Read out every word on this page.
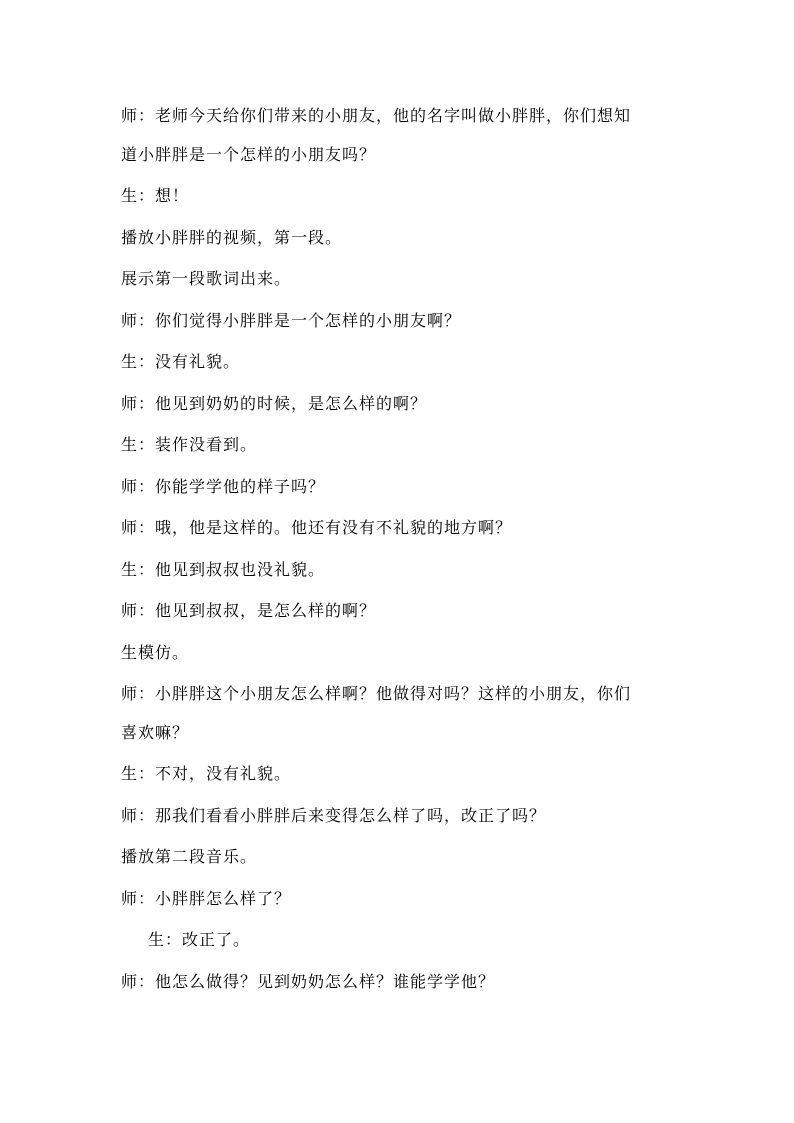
师：老师今天给你们带来的小朋友，他的名字叫做小胖胖，你们想知
道小胖胖是一个怎样的小朋友吗？
生：想！
播放小胖胖的视频，第一段。
展示第一段歌词出来。
师：你们觉得小胖胖是一个怎样的小朋友啊？
生：没有礼貌。
师：他见到奶奶的时候，是怎么样的啊？
生：装作没看到。
师：你能学学他的样子吗？
师：哦，他是这样的。他还有没有不礼貌的地方啊？
生：他见到叔叔也没礼貌。
师：他见到叔叔，是怎么样的啊？
生模仿。
师：小胖胖这个小朋友怎么样啊？他做得对吗？这样的小朋友，你们
喜欢嘛？
生：不对，没有礼貌。
师：那我们看看小胖胖后来变得怎么样了吗，改正了吗？
播放第二段音乐。
师：小胖胖怎么样了？
生：改正了。
师：他怎么做得？见到奶奶怎么样？谁能学学他？
